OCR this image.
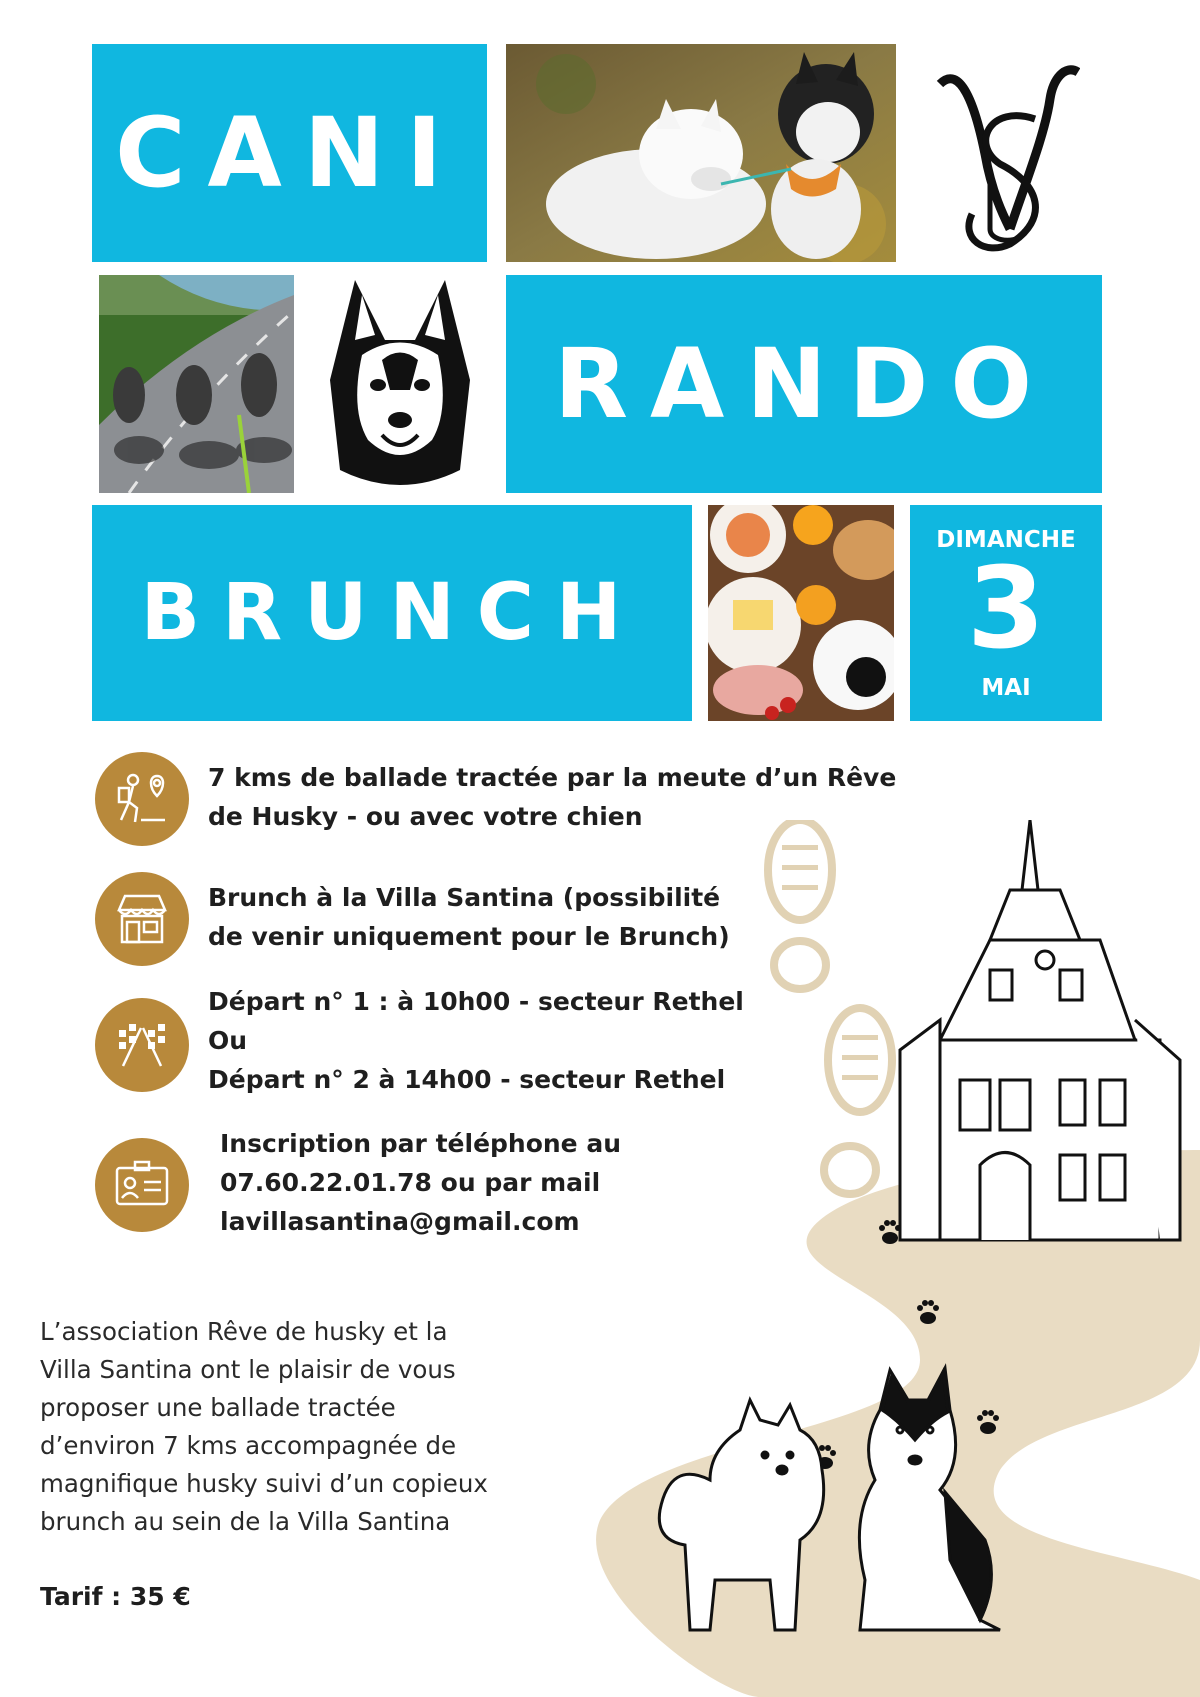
CANI
RANDO
BRUNCH
DIMANCHE
3
MAI
7 kms de ballade tractée par la meute d’un Rêve
de Husky - ou avec votre chien
Brunch à la Villa Santina (possibilité
de venir uniquement pour le Brunch)
Départ n° 1 : à 10h00 - secteur Rethel
Ou
Départ n° 2 à 14h00 - secteur Rethel
Inscription par téléphone au
07.60.22.01.78 ou par mail
lavillasantina@gmail.com
L’association Rêve de husky et la
Villa Santina ont le plaisir de vous
proposer une ballade tractée
d’environ 7 kms accompagnée de
magnifique husky suivi d’un copieux
brunch au sein de la Villa Santina
Tarif : 35 €
